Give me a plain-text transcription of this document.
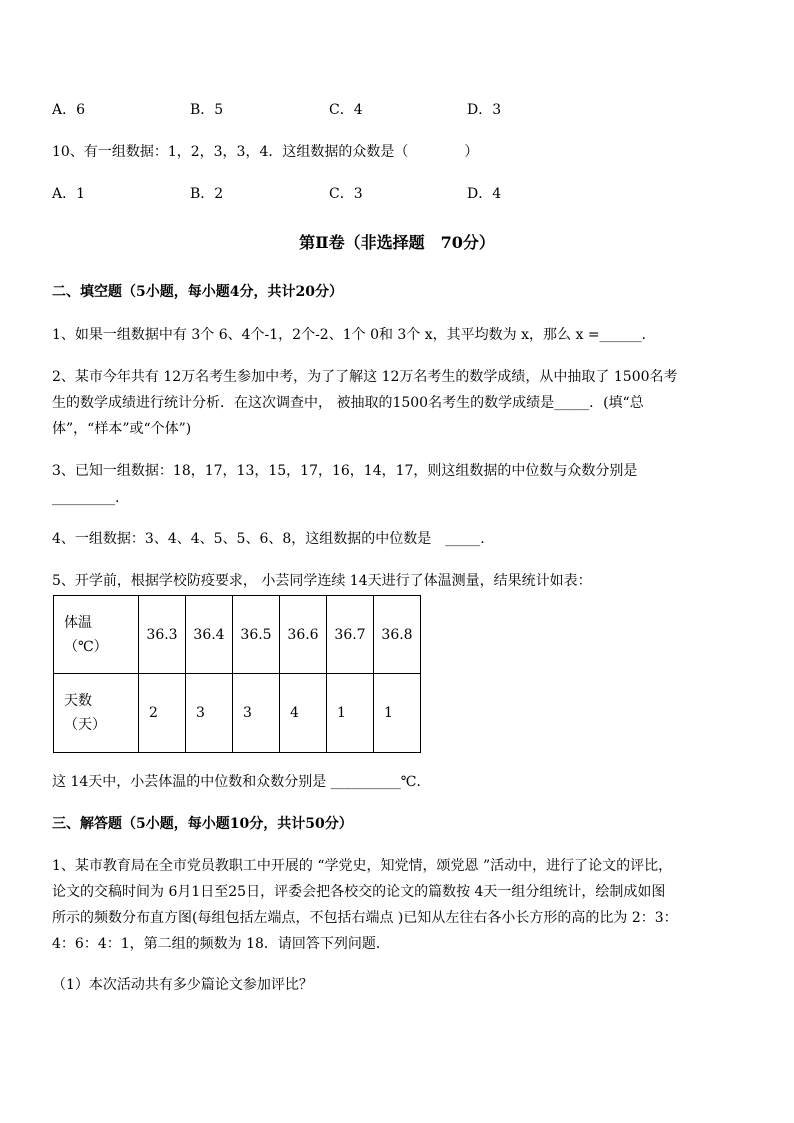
A．6	B．5	C．4	D．3
10、有一组数据：1，2，3，3，4．这组数据的众数是（　　　　）
A．1	B．2	C．3	D．4
第Ⅱ卷（非选择题　70分）
二、填空题（5小题，每小题4分，共计20分）
1、如果一组数据中有 3个 6、4个-1，2个-2、1个 0和 3个 x，其平均数为 x，那么 x =______.
2、某市今年共有 12万名考生参加中考，为了了解这 12万名考生的数学成绩，从中抽取了 1500名考
生的数学成绩进行统计分析．在这次调查中， 被抽取的1500名考生的数学成绩是_____．(填“总
体”，“样本”或“个体”)
3、已知一组数据：18，17，13，15，17，16，14，17，则这组数据的中位数与众数分别是
_________.
4、一组数据：3、4、4、5、5、6、8，这组数据的中位数是　_____.
5、开学前，根据学校防疫要求， 小芸同学连续 14天进行了体温测量，结果统计如表：
体温
（℃）	36.3	36.4	36.5	36.6	36.7	36.8

天数
（天）	2	3	3	4	1	1
这 14天中，小芸体温的中位数和众数分别是 __________℃.
三、解答题（5小题，每小题10分，共计50分）
1、某市教育局在全市党员教职工中开展的 “学党史，知党情，颂党恩 ”活动中，进行了论文的评比，
论文的交稿时间为 6月1日至25日，评委会把各校交的论文的篇数按 4天一组分组统计，绘制成如图
所示的频数分布直方图(每组包括左端点，不包括右端点 )已知从左往右各小长方形的高的比为 2：3：
4：6：4：1，第二组的频数为 18．请回答下列问题．
（1）本次活动共有多少篇论文参加评比？
